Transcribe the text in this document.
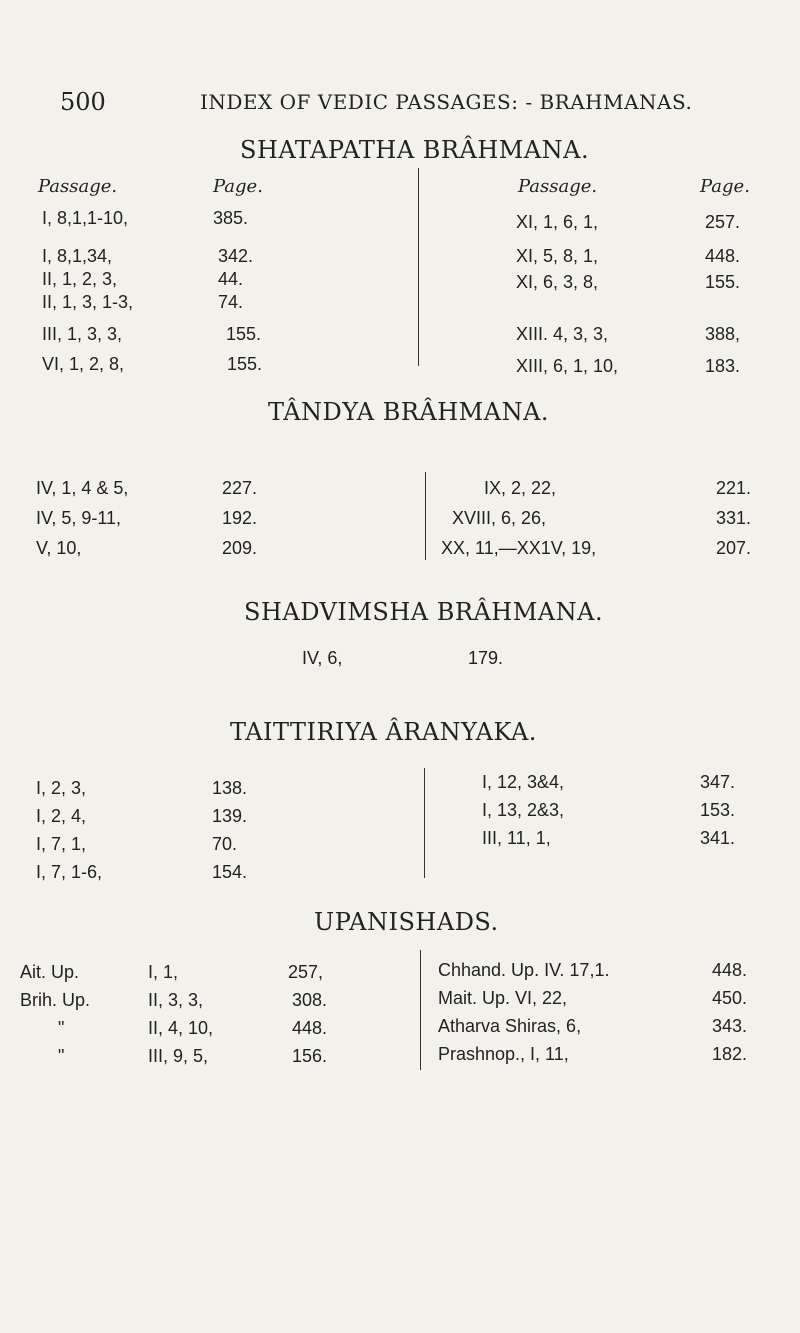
500	INDEX OF VEDIC PASSAGES: - BRAHMANAS.
SHATAPATHA BRÂHMANA.
Passage.	Page.	Passage.	Page.
I, 8,1,1-10,	385.
I, 8,1,34,	342.
II, 1, 2, 3,	44.
II, 1, 3, 1-3,	74.
III, 1, 3, 3,	155.
VI, 1, 2, 8,	155.
XI, 1, 6, 1,	257.
XI, 5, 8, 1,	448.
XI, 6, 3, 8,	155.
XIII. 4, 3, 3,	388,
XIII, 6, 1, 10,	183.
TÂNDYA BRÂHMANA.
IV, 1, 4 & 5,	227.
IV, 5, 9-11,	192.
V, 10,	209.
IX, 2, 22,	221.
XVIII, 6, 26,	331.
XX, 11,—XX1V, 19,	207.
SHADVIMSHA BRÂHMANA.
IV, 6,	179.
TAITTIRIYA ÂRANYAKA.
I, 2, 3,	138.
I, 2, 4,	139.
I, 7, 1,	70.
I, 7, 1-6,	154.
I, 12, 3&4,	347.
I, 13, 2&3,	153.
III, 11, 1,	341.
UPANISHADS.
Ait. Up.	I, 1,	257,
Brih. Up.	II, 3, 3,	308.
"	II, 4, 10,	448.
"	III, 9, 5,	156.
Chhand. Up. IV. 17,1.	448.
Mait. Up. VI, 22,	450.
Atharva Shiras, 6,	343.
Prashnop., I, 11,	182.
